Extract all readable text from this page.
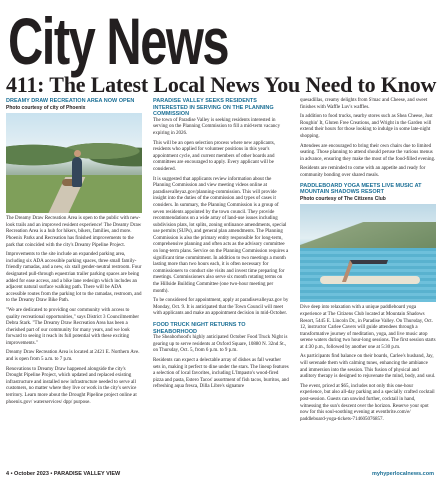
City News
411: The Latest Local News You Need to Know
DREAMY DRAW RECREATION AREA NOW OPEN
Photo courtesy of city of Phoenix

The Dreamy Draw Recreation Area is open to the public with new-look trails and an improved resident experience! The Dreamy Draw Recreation Area is a hub for hikers, bikers, families, and more. Phoenix Parks and Recreation has finished improvements to the park that coincided with the city's Dreamy Pipeline Project.

Improvements to the site include an expanded parking area, including six ADA accessible parking spaces, three small family-friendly ramadas, and a new, six stall gender-neutral restroom. Four designated pull-through equestrian trailer parking spaces are being added for ease access, and a bike lane redesign which includes an adjacent natural surface walking path. There will be ADA accessible routes from the parking lot to the ramadas, restroom, and to the Dreamy Draw Bike Path.

"We are dedicated to providing our community with access to quality recreational opportunities," says District 3 Councilmember Debra Stark. "The Dreamy Draw Recreation Area has been a cherished part of our community for many years, and we look forward to seeing it reach its full potential with these exciting improvements."

Dreamy Draw Recreation Area is located at 2421 E. Northern Ave. and is open from 5 a.m. to 7 p.m.

Renovations to Dreamy Draw happened alongside the city's Drought Pipeline Project, which updated and replaced existing infrastructure and installed new infrastructure needed to serve all customers, no matter where they live or work in the city's service territory. Learn more about the Drought Pipeline project online at phoenix.gov/ waterservices/ dpp/ purpose.

PARADISE VALLEY SEEKS RESIDENTS INTERESTED IN SERVING ON THE PLANNING COMMISSION

The town of Paradise Valley is seeking residents interested in serving on the Planning Commission to fill a mid-term vacancy expiring in 2026.

This will be an open selection process where new applicants, residents who applied for volunteer positions in this year's appointment cycle, and current members of other boards and committees are encouraged to apply. Every applicant will be considered.

It is suggested that applicants review information about the Planning Commission and view meeting videos online at paradisevalleyaz.gov/planning-commission. This will provide insight into the duties of the commission and types of cases it considers. In summary, the Planning Commission is a group of seven residents appointed by the town council. They provide recommendations on a wide array of land-use issues including subdivision plats, lot splits, zoning ordinance amendments, special use permits (SUPs), and general plan amendments. The Planning Commission is also the primary entity responsible for long-term, comprehensive planning and often acts as the advisory committee on long-term plans. Service on the Planning Commission requires a significant time commitment. In addition to two meetings a month lasting more than two hours each, it is often necessary for commissioners to conduct site visits and invest time preparing for meetings. Commissioners also serve six month rotating terms on the Hillside Building Committee (one two-hour meeting per month).

To be considered for appointment, apply at paradisevalleyaz.gov by Monday, Oct. 9. It is anticipated that the Town Council will meet with applicants and make an appointment decision in mid-October.

FOOD TRUCK NIGHT RETURNS TO SHEABORHOOD

The Sheaborhood's highly anticipated October Food Truck Night is gearing up to serve residents at Oxford Square, 10880 N. 32nd St., on Thursday, Oct. 5, from 6 p.m. to 9 p.m.

Residents can expect a delectable array of dishes as fall weather sets in, making it perfect to dine under the stars. The lineup features a selection of local favorites, including L'Impasto's wood-fired pizza and pasta, Estero Tacos' assortment of fish tacos, burritos, and refreshing aqua fresca, Dilla Libre's signature

quesadillas, creamy delights from S'mac and Cheese, and sweet finishes with Waffle Luv's waffles.

In addition to food trucks, nearby stores such as Shea Cheese, Just Roughin' It, Gluten Free Creations, and Wright in the Garden will extend their hours for those looking to indulge in some late-night shopping.

Attendees are encouraged to bring their own chairs due to limited seating. Those planning to attend should peruse the various menus in advance, ensuring they make the most of the food-filled evening.

Residents are reminded to come with an appetite and ready for community bonding over shared meals.

PADDLEBOARD YOGA MEETS LIVE MUSIC AT MOUNTAIN SHADOWS RESORT
Photo courtesy of The Citizens Club

Dive deep into relaxation with a unique paddleboard yoga experience at The Citizens Club located at Mountain Shadows Resort, 5445 E. Lincoln Dr., in Paradise Valley. On Thursday, Oct. 12, instructor Carlee Cavers will guide attendees through a transformative journey of meditation, yoga, and live music atop serene waters during two hour-long sessions. The first session starts at 4:30 p.m., followed by another one at 5:30 p.m.

As participants find balance on their boards, Carlee's husband, Jay, will serenade them with calming tunes, enhancing the ambiance and immersion into the session. This fusion of physical and auditory therapy is designed to rejuvenate the mind, body, and soul.

The event, priced at $65, includes not only this one-hour experience, but also all-day parking and a specially crafted cocktail post-session. Guests can unwind further, cocktail in hand, witnessing the sun's descent over the horizon. Reserve your spot now for this soul-soothing evening at eventbrite.com/e/ paddleboard-yoga-tickets-714605076857.

4 • October 2023 • PARADISE VALLEY VIEW	myhyperlocalnews.com
